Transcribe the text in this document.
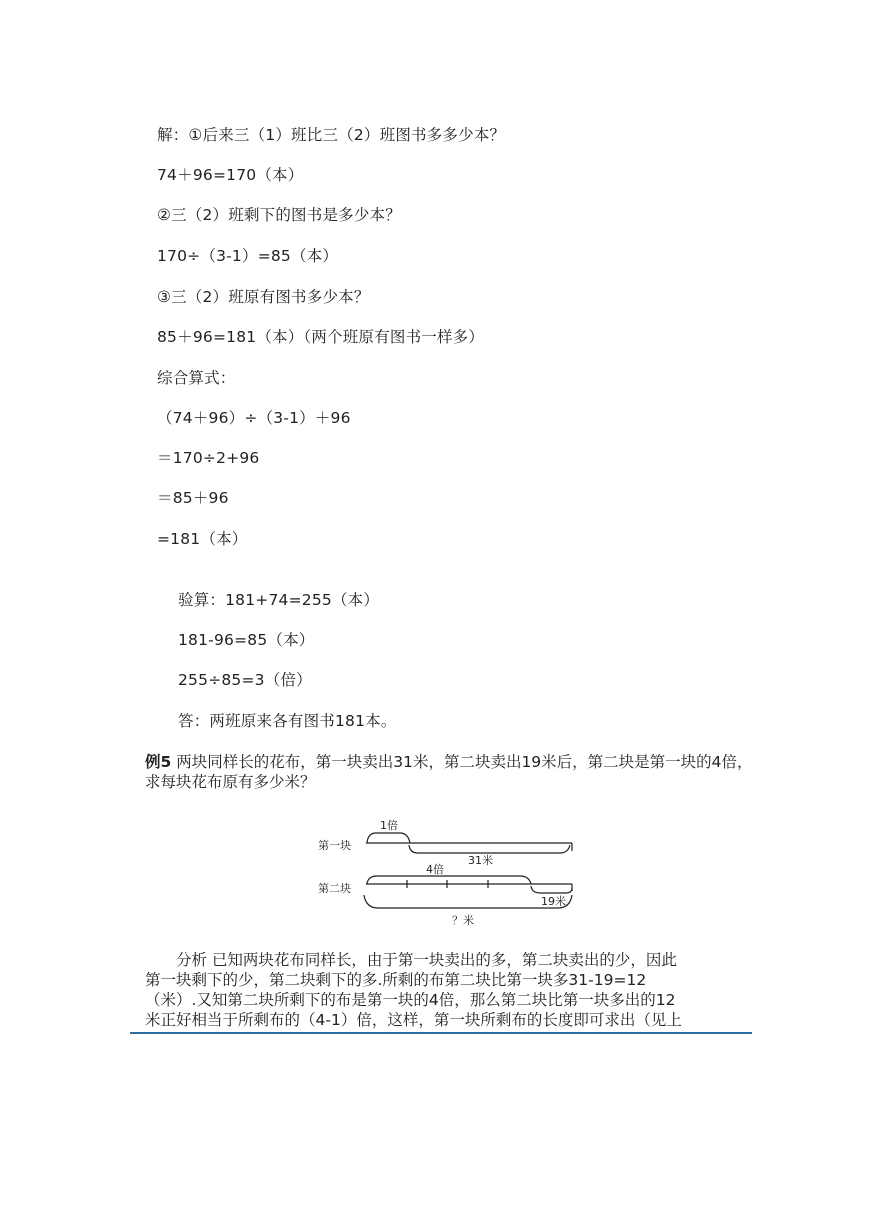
解：①后来三（1）班比三（2）班图书多多少本？
74＋96=170（本）
②三（2）班剩下的图书是多少本？
170÷（3-1）=85（本）
③三（2）班原有图书多少本？
85＋96=181（本）（两个班原有图书一样多）
综合算式：
（74＋96）÷（3-1）＋96
＝170÷2+96
＝85＋96
=181（本）
验算：181+74=255（本）
181-96=85（本）
255÷85=3（倍）
答：两班原来各有图书181本。
例5 两块同样长的花布，第一块卖出31米，第二块卖出19米后，第二块是第一块的4倍，求每块花布原有多少米？
第一块
第二块
1倍
31米
4倍
19米
？米

　　分析 已知两块花布同样长，由于第一块卖出的多，第二块卖出的少，因此

第一块剩下的少，第二块剩下的多.所剩的布第二块比第一块多31-19=12

（米）.又知第二块所剩下的布是第一块的4倍，那么第二块比第一块多出的12

米正好相当于所剩布的（4-1）倍，这样，第一块所剩布的长度即可求出（见上
